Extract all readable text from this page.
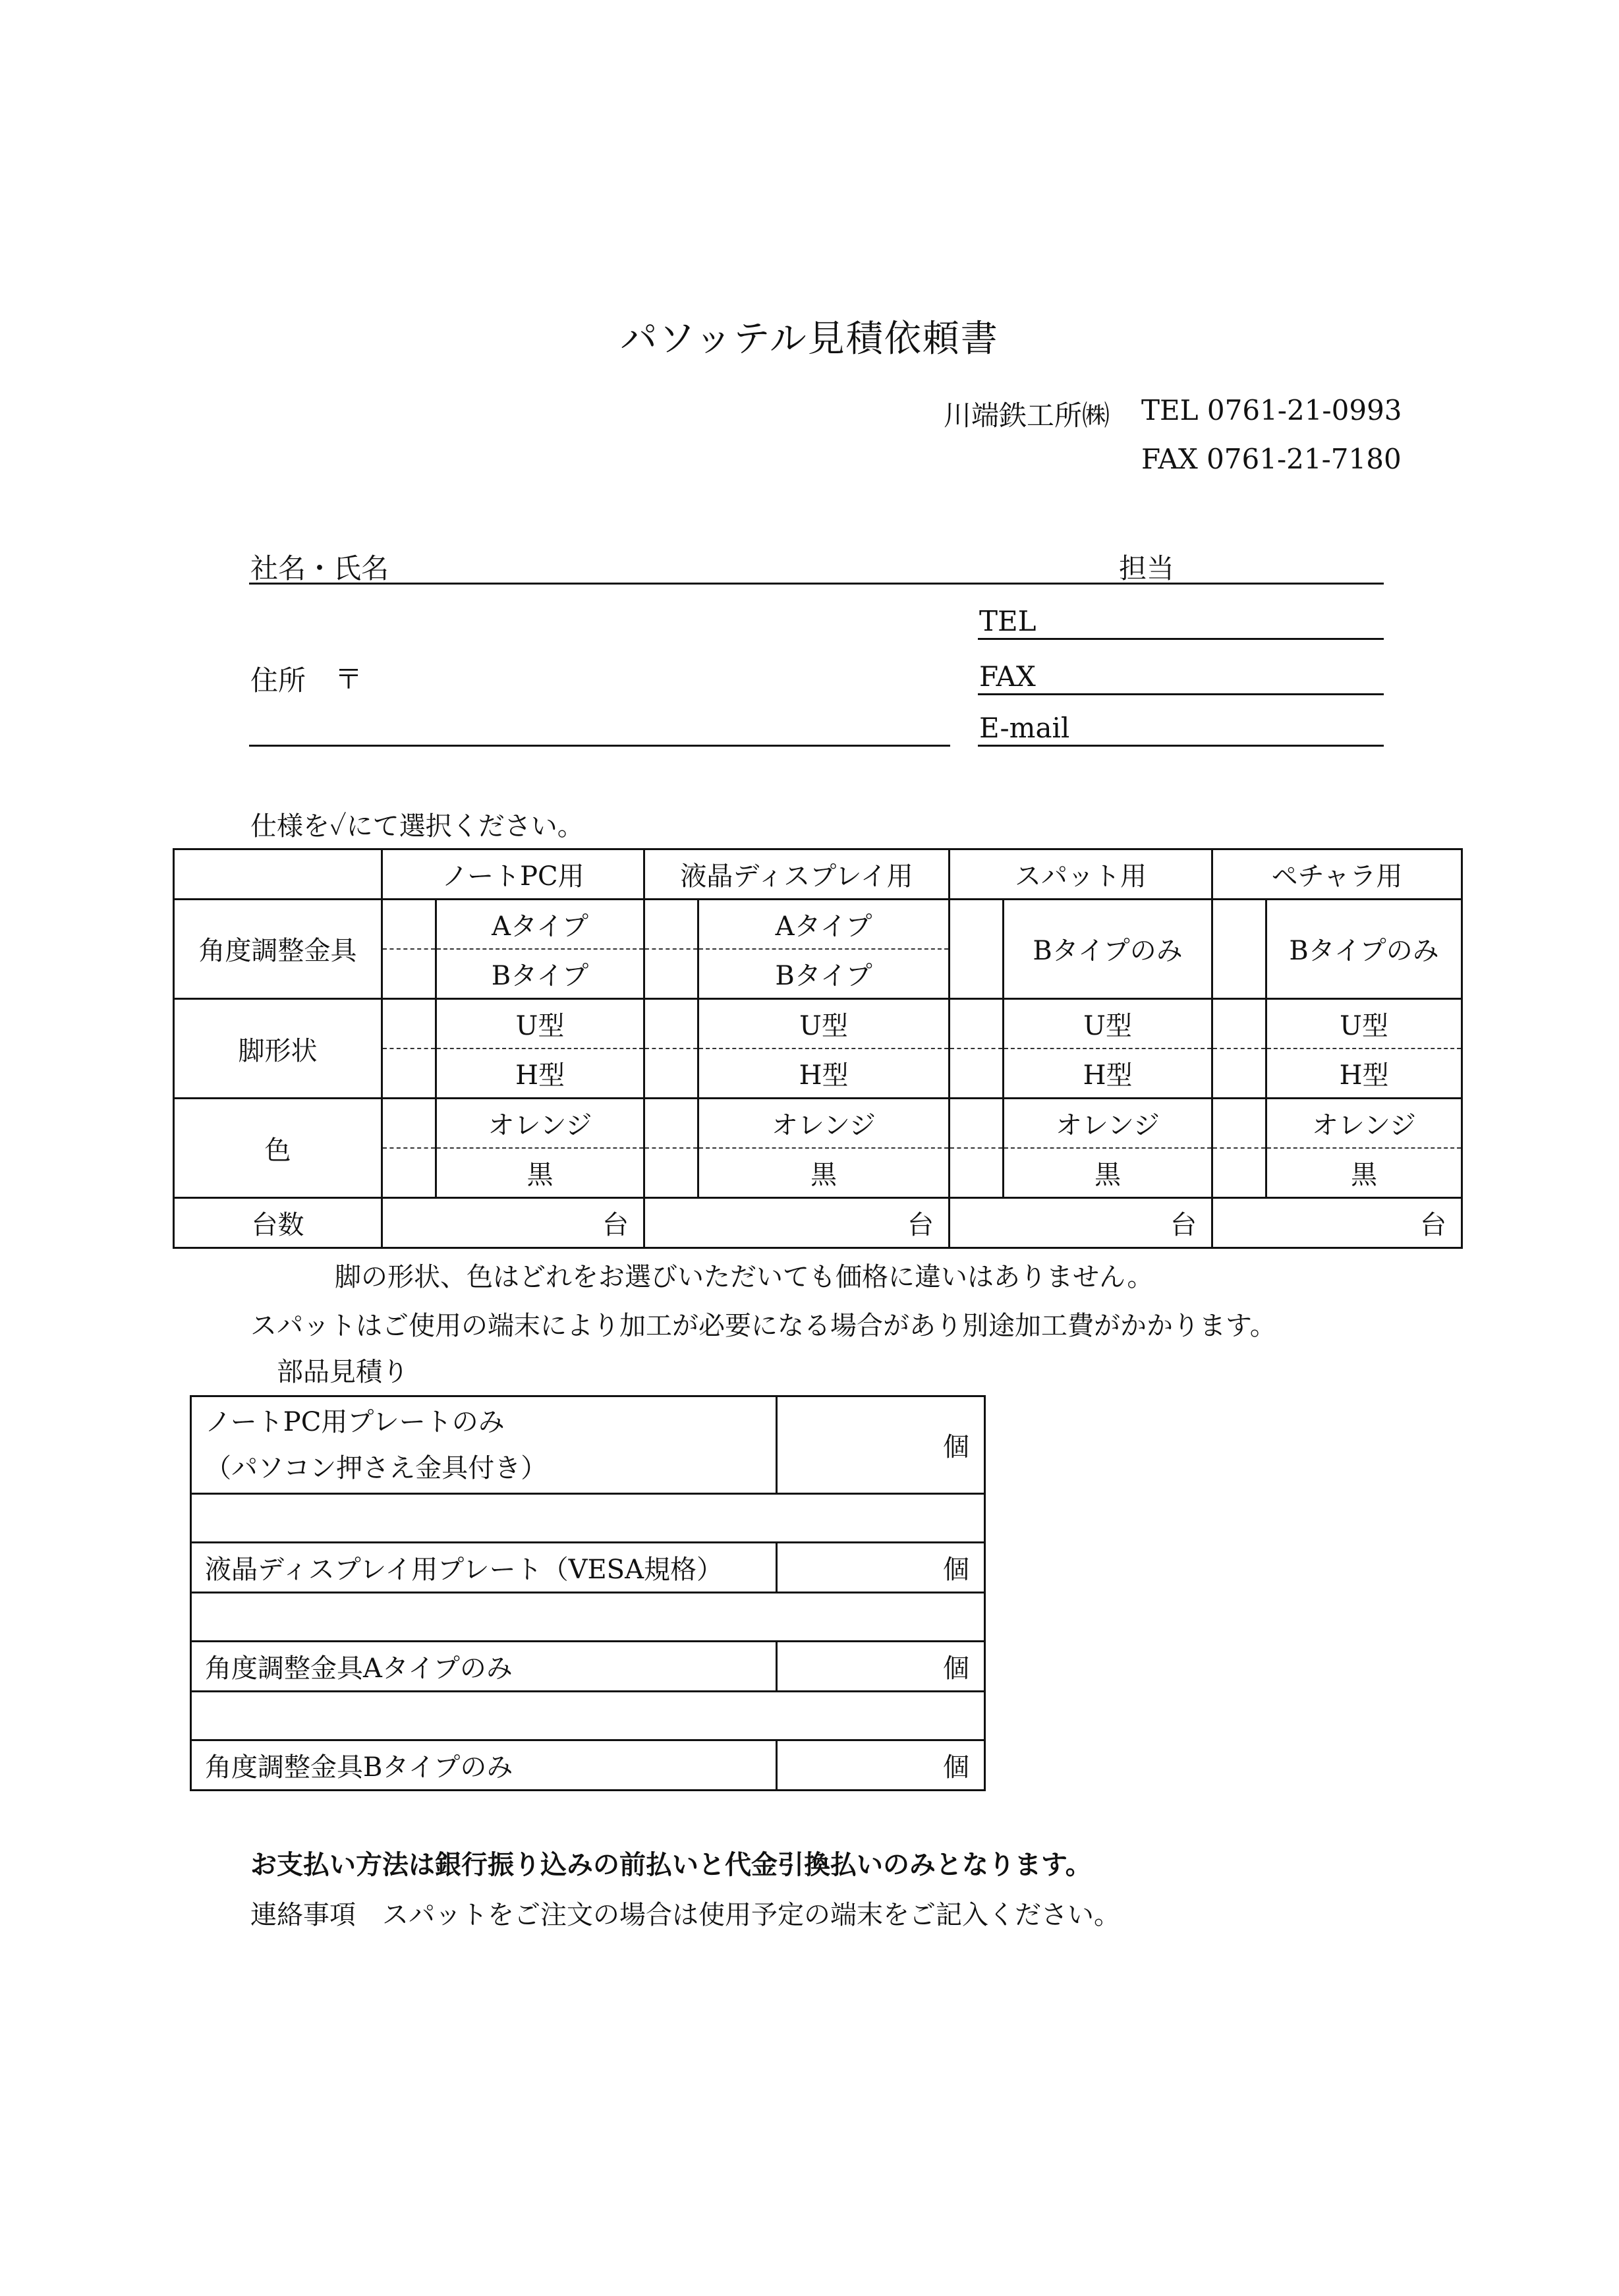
パソッテル見積依頼書
川端鉄工所㈱ TEL 0761-21-0993
FAX 0761-21-7180
社名・氏名	担当
TEL
住所 〒	FAX
E-mail
仕様を✓にて選択ください。
	ノートPC用		液晶ディスプレイ用		スパット用		ペチャラ用	
角度調整金具		Aタイプ		Aタイプ		Bタイプのみ		Bタイプのみ
		Bタイプ		Bタイプ				
脚形状		U型		U型		U型		U型
		H型		H型		H型		H型
色		オレンジ		オレンジ		オレンジ		オレンジ
		黒		黒		黒		黒
台数	台		台		台		台	
脚の形状、色はどれをお選びいただいても価格に違いはありません。
スパットはご使用の端末により加工が必要になる場合があり別途加工費がかかります。
部品見積り
ノートPC用プレートのみ
（パソコン押さえ金具付き）	個

液晶ディスプレイ用プレート（VESA規格）	個

角度調整金具Aタイプのみ	個

角度調整金具Bタイプのみ	個
お支払い方法は銀行振り込みの前払いと代金引換払いのみとなります。
連絡事項　スパットをご注文の場合は使用予定の端末をご記入ください。
